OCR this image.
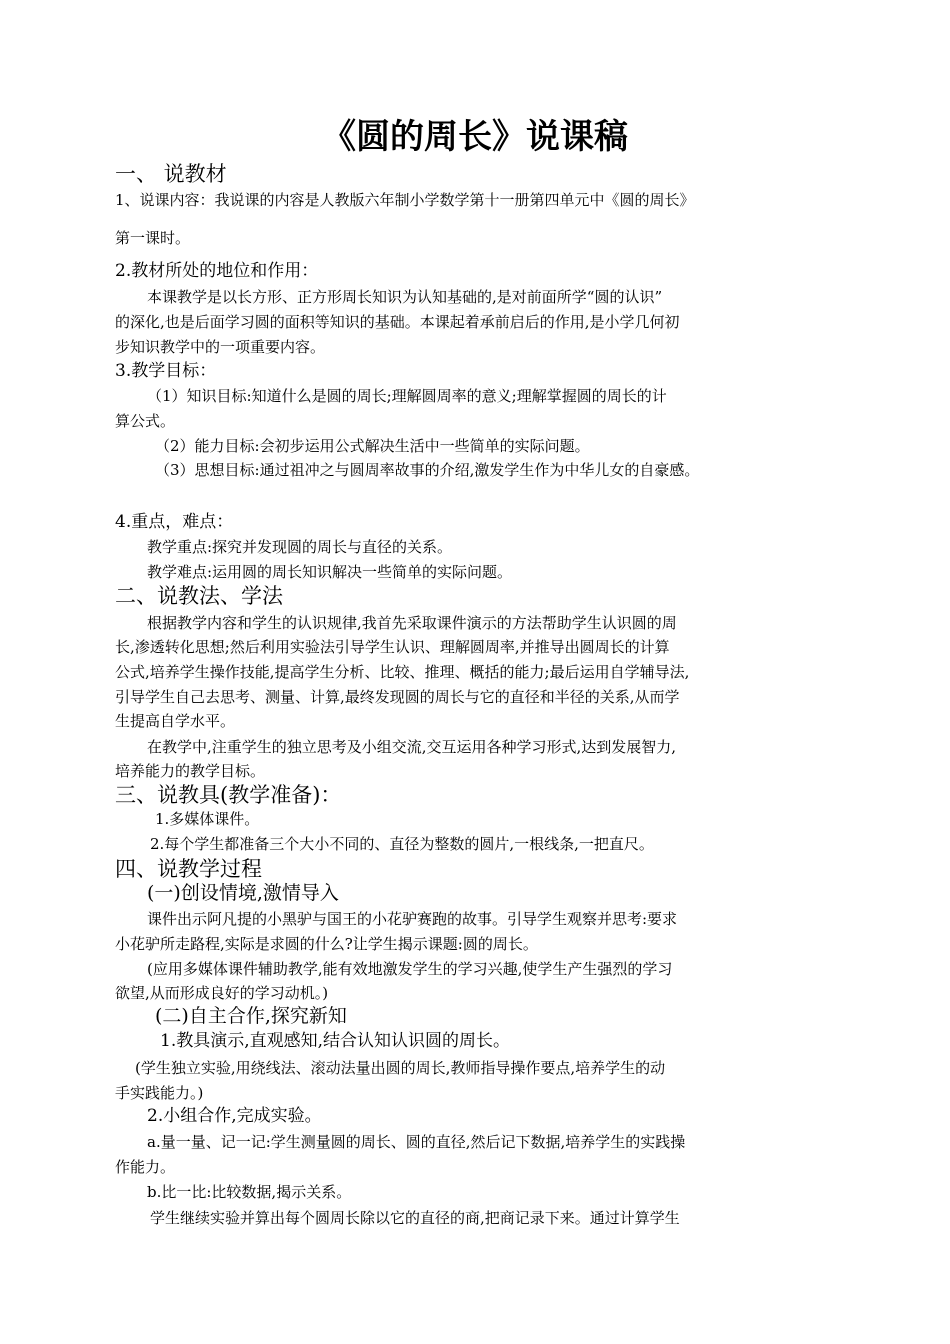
《圆的周长》说课稿
一、 说教材
1、说课内容：我说课的内容是人教版六年制小学数学第十一册第四单元中《圆的周长》
第一课时。
2.教材所处的地位和作用：
本课教学是以长方形、正方形周长知识为认知基础的,是对前面所学“圆的认识”
的深化,也是后面学习圆的面积等知识的基础。本课起着承前启后的作用,是小学几何初
步知识教学中的一项重要内容。
3.教学目标：
（1）知识目标:知道什么是圆的周长;理解圆周率的意义;理解掌握圆的周长的计
算公式。
（2）能力目标:会初步运用公式解决生活中一些简单的实际问题。
（3）思想目标:通过祖冲之与圆周率故事的介绍,激发学生作为中华儿女的自豪感。
4.重点，难点：
教学重点:探究并发现圆的周长与直径的关系。
教学难点:运用圆的周长知识解决一些简单的实际问题。
二、说教法、学法
根据教学内容和学生的认识规律,我首先采取课件演示的方法帮助学生认识圆的周
长,渗透转化思想;然后利用实验法引导学生认识、理解圆周率,并推导出圆周长的计算
公式,培养学生操作技能,提高学生分析、比较、推理、概括的能力;最后运用自学辅导法,
引导学生自己去思考、测量、计算,最终发现圆的周长与它的直径和半径的关系,从而学
生提高自学水平。
在教学中,注重学生的独立思考及小组交流,交互运用各种学习形式,达到发展智力,
培养能力的教学目标。
三、说教具(教学准备)：
1.多媒体课件。
2.每个学生都准备三个大小不同的、直径为整数的圆片,一根线条,一把直尺。
四、说教学过程
(一)创设情境,激情导入
课件出示阿凡提的小黑驴与国王的小花驴赛跑的故事。引导学生观察并思考:要求
小花驴所走路程,实际是求圆的什么?让学生揭示课题:圆的周长。
(应用多媒体课件辅助教学,能有效地激发学生的学习兴趣,使学生产生强烈的学习
欲望,从而形成良好的学习动机。)
(二)自主合作,探究新知
1.教具演示,直观感知,结合认知认识圆的周长。
(学生独立实验,用绕线法、滚动法量出圆的周长,教师指导操作要点,培养学生的动
手实践能力。)
2.小组合作,完成实验。
a.量一量、记一记:学生测量圆的周长、圆的直径,然后记下数据,培养学生的实践操
作能力。
b.比一比:比较数据,揭示关系。
学生继续实验并算出每个圆周长除以它的直径的商,把商记录下来。通过计算学生
